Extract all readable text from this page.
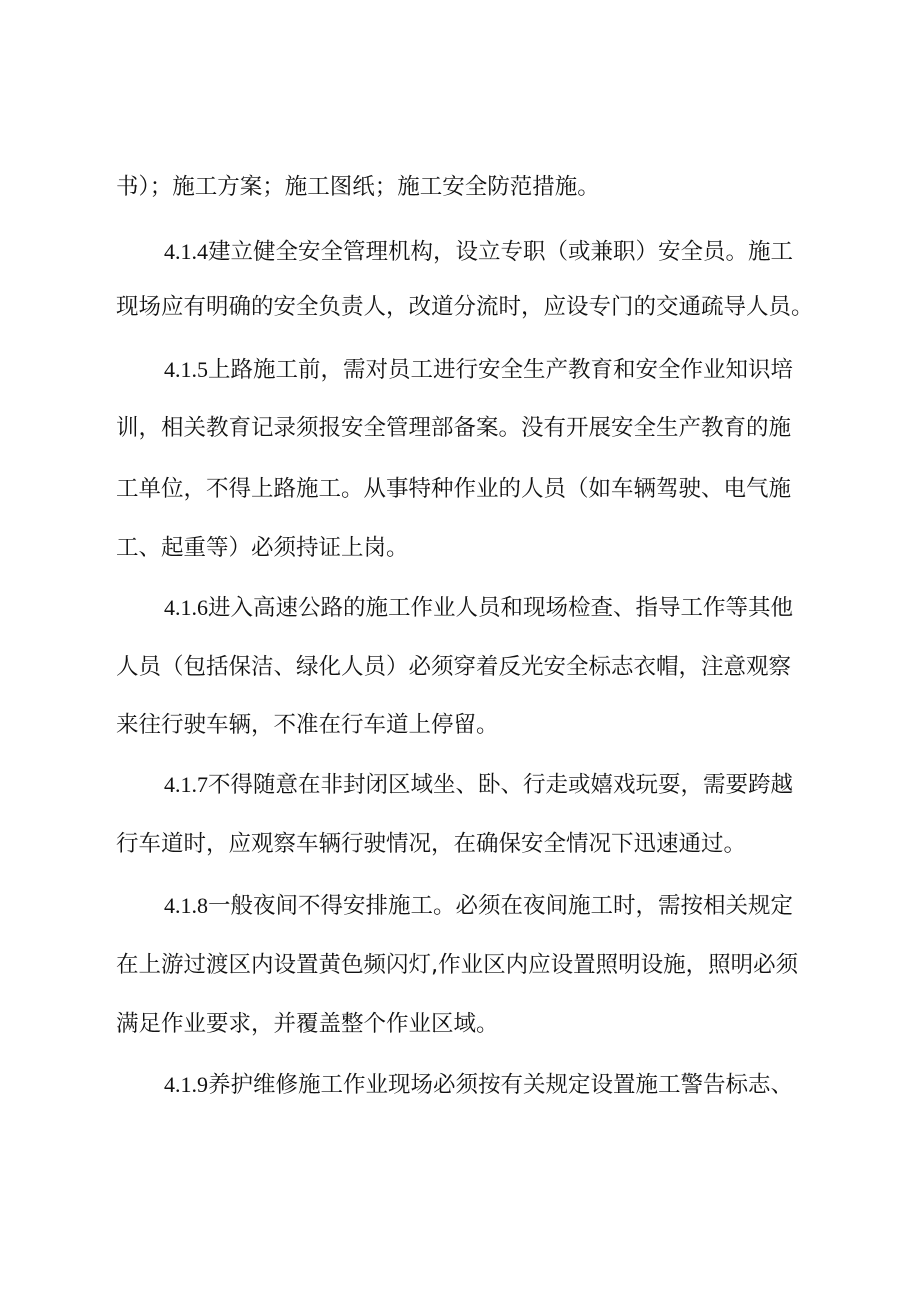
书）；施工方案；施工图纸；施工安全防范措施。
4.1.4建立健全安全管理机构，设立专职（或兼职）安全员。施工
现场应有明确的安全负责人，改道分流时，应设专门的交通疏导人员。
4.1.5上路施工前，需对员工进行安全生产教育和安全作业知识培
训，相关教育记录须报安全管理部备案。没有开展安全生产教育的施
工单位，不得上路施工。从事特种作业的人员（如车辆驾驶、电气施
工、起重等）必须持证上岗。
4.1.6进入高速公路的施工作业人员和现场检查、指导工作等其他
人员（包括保洁、绿化人员）必须穿着反光安全标志衣帽，注意观察
来往行驶车辆，不准在行车道上停留。
4.1.7不得随意在非封闭区域坐、卧、行走或嬉戏玩耍，需要跨越
行车道时，应观察车辆行驶情况，在确保安全情况下迅速通过。
4.1.8一般夜间不得安排施工。必须在夜间施工时，需按相关规定
在上游过渡区内设置黄色频闪灯,作业区内应设置照明设施，照明必须
满足作业要求，并覆盖整个作业区域。
4.1.9养护维修施工作业现场必须按有关规定设置施工警告标志、
